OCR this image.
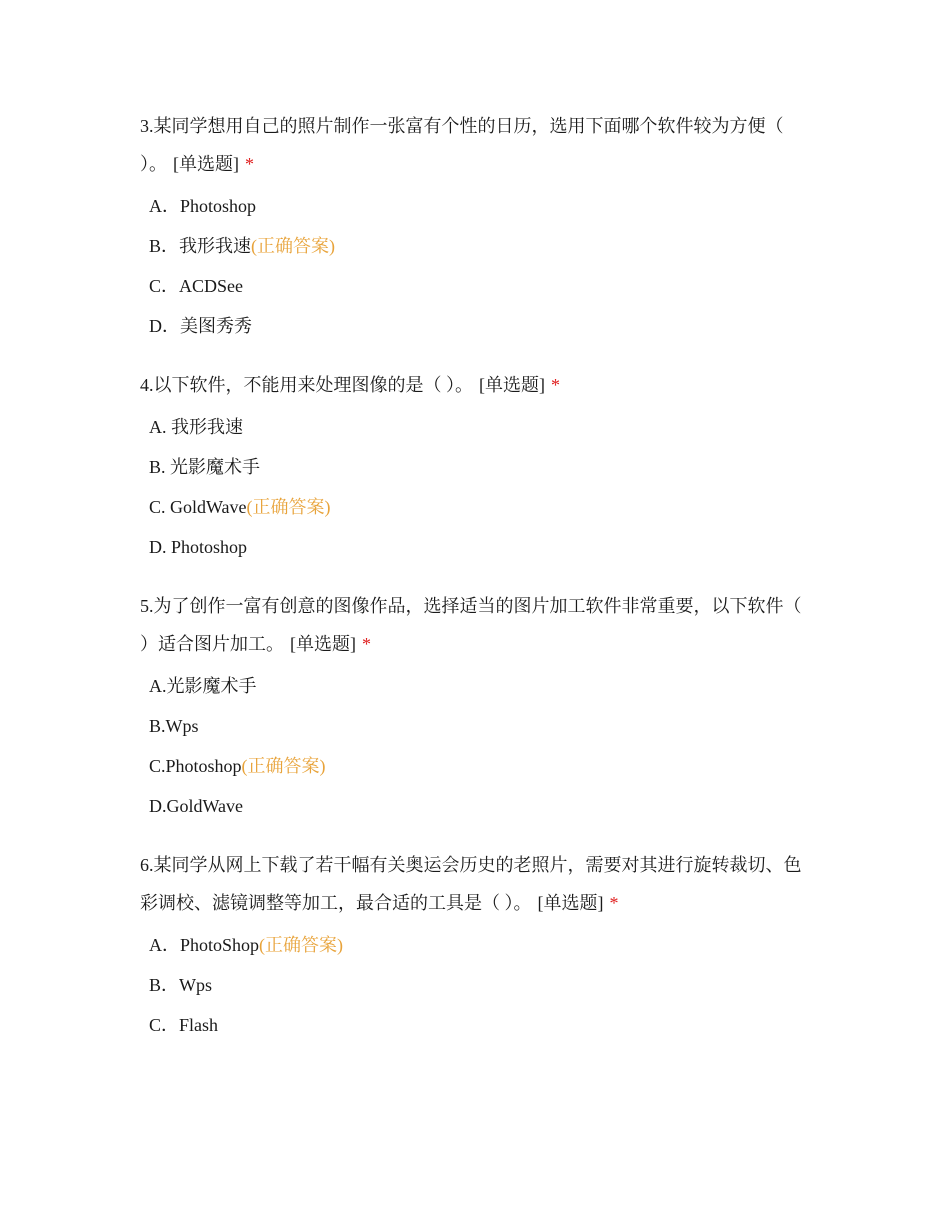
3.某同学想用自己的照片制作一张富有个性的日历，选用下面哪个软件较为方便（ ）。 [单选题] *

A．Photoshop
B．我形我速(正确答案)
C．ACDSee
D．美图秀秀

4.以下软件，不能用来处理图像的是（ ）。 [单选题] *

A. 我形我速
B. 光影魔术手
C. GoldWave(正确答案)
D. Photoshop

5.为了创作一富有创意的图像作品，选择适当的图片加工软件非常重要，以下软件（ ）适合图片加工。 [单选题] *

A.光影魔术手
B.Wps
C.Photoshop(正确答案)
D.GoldWave

6.某同学从网上下载了若干幅有关奥运会历史的老照片，需要对其进行旋转裁切、色彩调校、滤镜调整等加工，最合适的工具是（ ）。 [单选题] *

A．PhotoShop(正确答案)
B．Wps
C．Flash
